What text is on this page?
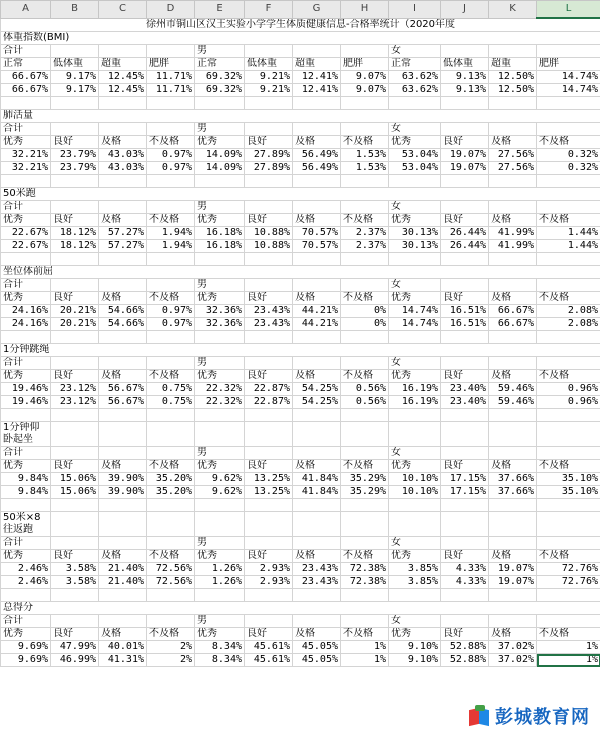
A	B	C	D	E	F	G	H	I	J	K	L
徐州市铜山区汉王实验小学学生体质健康信息-合格率统计（2020年度											
体重指数(BMI)											
合计				男				女			
正常	低体重	超重	肥胖	正常	低体重	超重	肥胖	正常	低体重	超重	肥胖
66.67%	9.17%	12.45%	11.71%	69.32%	9.21%	12.41%	9.07%	63.62%	9.13%	12.50%	14.74%
66.67%	9.17%	12.45%	11.71%	69.32%	9.21%	12.41%	9.07%	63.62%	9.13%	12.50%	14.74%

肺活量											
合计				男				女			
优秀	良好	及格	不及格	优秀	良好	及格	不及格	优秀	良好	及格	不及格
32.21%	23.79%	43.03%	0.97%	14.09%	27.89%	56.49%	1.53%	53.04%	19.07%	27.56%	0.32%
32.21%	23.79%	43.03%	0.97%	14.09%	27.89%	56.49%	1.53%	53.04%	19.07%	27.56%	0.32%

50米跑											
合计				男				女			
优秀	良好	及格	不及格	优秀	良好	及格	不及格	优秀	良好	及格	不及格
22.67%	18.12%	57.27%	1.94%	16.18%	10.88%	70.57%	2.37%	30.13%	26.44%	41.99%	1.44%
22.67%	18.12%	57.27%	1.94%	16.18%	10.88%	70.57%	2.37%	30.13%	26.44%	41.99%	1.44%

坐位体前屈											
合计				男				女			
优秀	良好	及格	不及格	优秀	良好	及格	不及格	优秀	良好	及格	不及格
24.16%	20.21%	54.66%	0.97%	32.36%	23.43%	44.21%	0%	14.74%	16.51%	66.67%	2.08%
24.16%	20.21%	54.66%	0.97%	32.36%	23.43%	44.21%	0%	14.74%	16.51%	66.67%	2.08%

1分钟跳绳											
合计				男				女			
优秀	良好	及格	不及格	优秀	良好	及格	不及格	优秀	良好	及格	不及格
19.46%	23.12%	56.67%	0.75%	22.32%	22.87%	54.25%	0.56%	16.19%	23.40%	59.46%	0.96%
19.46%	23.12%	56.67%	0.75%	22.32%	22.87%	54.25%	0.56%	16.19%	23.40%	59.46%	0.96%

1分钟仰卧起坐											
合计				男				女			
优秀	良好	及格	不及格	优秀	良好	及格	不及格	优秀	良好	及格	不及格
9.84%	15.06%	39.90%	35.20%	9.62%	13.25%	41.84%	35.29%	10.10%	17.15%	37.66%	35.10%
9.84%	15.06%	39.90%	35.20%	9.62%	13.25%	41.84%	35.29%	10.10%	17.15%	37.66%	35.10%

50米×8往返跑											
合计				男				女			
优秀	良好	及格	不及格	优秀	良好	及格	不及格	优秀	良好	及格	不及格
2.46%	3.58%	21.40%	72.56%	1.26%	2.93%	23.43%	72.38%	3.85%	4.33%	19.07%	72.76%
2.46%	3.58%	21.40%	72.56%	1.26%	2.93%	23.43%	72.38%	3.85%	4.33%	19.07%	72.76%

总得分											
合计				男				女			
优秀	良好	及格	不及格	优秀	良好	及格	不及格	优秀	良好	及格	不及格
9.69%	47.99%	40.01%	2%	8.34%	45.61%	45.05%	1%	9.10%	52.88%	37.02%	1%
9.69%	46.99%	41.31%	2%	8.34%	45.61%	45.05%	1%	9.10%	52.88%	37.02%	1%
彭城教育网
